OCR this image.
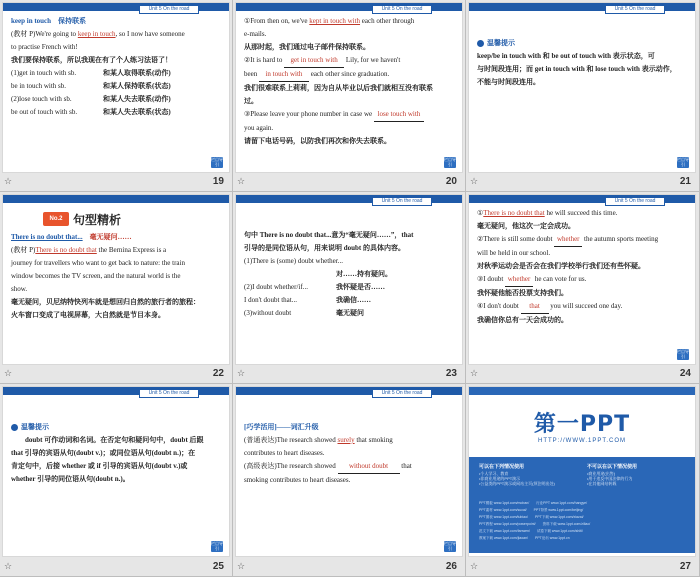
Unit 5 On the road

keep in touch　保持联系

(教材 P)We're going to keep in touch, so I now have someone

to practise French with!

我们要保持联系，所以我现在有了个人练习法语了！

(1)get in touch with sb.	和某人取得联系(动作)

be in touch with sb.	和某人保持联系(状态)

(2)lose touch with sb.	和某人失去联系(动作)

be out of touch with sb.	和某人失去联系(状态)

栏目导引
☆	19
Unit 5 On the road

①From then on, we've kept in touch with each other through

e-mails.

从那时起，我们通过电子邮件保持联系。

②It is hard to get in touch with Lily, for we haven't

been in touch with each other since graduation.

我们很难联系上莉莉，因为自从毕业以后我们就相互没有联系

过。

③Please leave your phone number in case we lose touch with

you again.

请留下电话号码，以防我们再次和你失去联系。

栏目导引
☆	20
Unit 5 On the road

温馨提示

keep/be in touch with 和 be out of touch with 表示状态，可

与时间段连用；而 get in touch with 和 lose touch with 表示动作，

不能与时间段连用。

栏目导引
☆	21
No.2 句型精析

There is no doubt that...　毫无疑问……

(教材 P)There is no doubt that the Bernina Express is a

journey for travellers who want to get back to nature: the train

window becomes the TV screen, and the natural world is the

show.

毫无疑问，贝尼纳特快列车就是想回归自然的旅行者的旅程：

火车窗口变成了电视屏幕，大自然就是节目本身。

☆	22
Unit 5 On the road

句中 There is no doubt that...意为“毫无疑问……”，that

引导的是同位语从句，用来说明 doubt 的具体内容。

(1)There is (some) doubt whether...

对……持有疑问。

(2)I doubt whether/if...	我怀疑是否……

I don't doubt that...	我确信……

(3)without doubt	毫无疑问

☆	23
Unit 5 On the road

①There is no doubt that he will succeed this time.

毫无疑问，他这次一定会成功。

②There is still some doubt whether the autumn sports meeting

will be held in our school.

对秋季运动会是否会在我们学校举行我们还有些怀疑。

③I doubt whether he can vote for us.

我怀疑他能否投票支持我们。

④I don't doubt that you will succeed one day.

我确信你总有一天会成功的。

栏目导引
☆	24
Unit 5 On the road

温馨提示

　　doubt 可作动词和名词。在否定句和疑问句中，doubt 后跟

that 引导的宾语从句(doubt v.)；或同位语从句(doubt n.)；在

肯定句中，后接 whether 或 if 引导的宾语从句(doubt v.)或

whether 引导的同位语从句(doubt n.)。

栏目导引
☆	25
Unit 5 On the road

[巧学活用]——词汇升级

(普通表达)The research showed surely that smoking

contributes to heart diseases.

(高级表达)The research showed without doubt that

smoking contributes to heart diseases.

栏目导引
☆	26
第一PPT
HTTP://WWW.1PPT.COM
可以在下列情况使用
•个人学习、教育
•非商业用途的PPT演示
•公益类的PPT演示或网站主页(须注明出处)
不可以在以下情况使用
•商业用途(出售)
•用于违反中国法律的行为
•在其他网站转载
PPT模板 www.1ppt.com/moban/　　行业PPT www.1ppt.com/hangye/
PPT素材 www.1ppt.com/sucai/　　PPT背景 www.1ppt.com/beijing/
PPT图表 www.1ppt.com/tubiao/　　PPT下载 www.1ppt.com/xiazai/
PPT教程 www.1ppt.com/powerpoint/　　资料下载 www.1ppt.com/ziliao/
范文下载 www.1ppt.com/fanwen/　　试卷下载 www.1ppt.com/shiti/
教案下载 www.1ppt.com/jiaoan/　　PPT论坛 www.1ppt.cn
☆	27
